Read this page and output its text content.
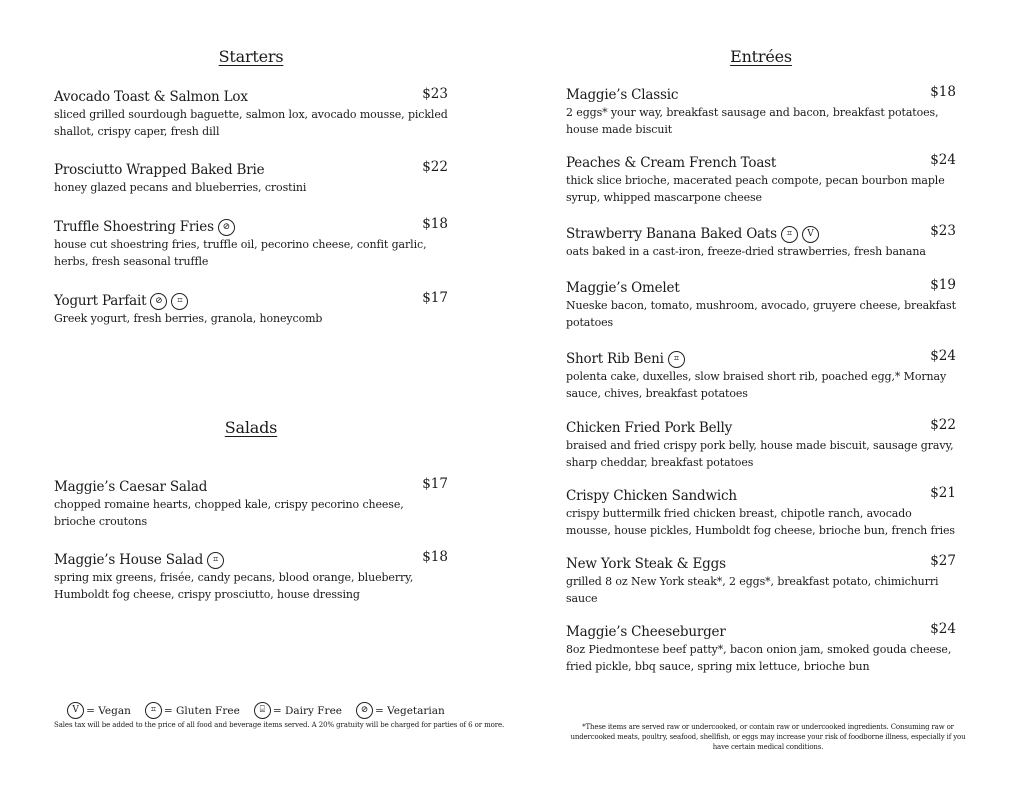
Starters
Avocado Toast & Salmon Lox	$23
sliced grilled sourdough baguette, salmon lox, avocado mousse, pickled shallot, crispy caper, fresh dill
Prosciutto Wrapped Baked Brie	$22
honey glazed pecans and blueberries, crostini
Truffle Shoestring Fries ⊘	$18
house cut shoestring fries, truffle oil, pecorino cheese, confit garlic, herbs, fresh seasonal truffle
Yogurt Parfait ⊘	⌗	$17
Greek yogurt, fresh berries, granola, honeycomb
Salads
Maggie’s Caesar Salad	$17
chopped romaine hearts, chopped kale, crispy pecorino cheese, brioche croutons
Maggie’s House Salad	⌗	$18
spring mix greens, frisée, candy pecans, blood orange, blueberry, Humboldt fog cheese, crispy prosciutto, house dressing
Entrées
Maggie’s Classic	$18
2 eggs* your way, breakfast sausage and bacon, breakfast potatoes, house made biscuit
Peaches & Cream French Toast	$24
thick slice brioche, macerated peach compote, pecan bourbon maple syrup, whipped mascarpone cheese
Strawberry Banana Baked Oats	⌗	V	$23
oats baked in a cast-iron, freeze-dried strawberries, fresh banana
Maggie’s Omelet	$19
Nueske bacon, tomato, mushroom, avocado, gruyere cheese, breakfast potatoes
Short Rib Beni	⌗	$24
polenta cake, duxelles, slow braised short rib, poached egg,* Mornay sauce, chives, breakfast potatoes
Chicken Fried Pork Belly	$22
braised and fried crispy pork belly, house made biscuit, sausage gravy, sharp cheddar, breakfast potatoes
Crispy Chicken Sandwich	$21
crispy buttermilk fried chicken breast, chipotle ranch, avocado mousse, house pickles, Humboldt fog cheese, brioche bun, french fries
New York Steak & Eggs	$27
grilled 8 oz New York steak*, 2 eggs*, breakfast potato, chimichurri sauce
Maggie’s Cheeseburger	$24
8oz Piedmontese beef patty*, bacon onion jam, smoked gouda cheese, fried pickle, bbq sauce, spring mix lettuce, brioche bun
V = Vegan	⌗ = Gluten Free	⌸ = Dairy Free	⊘ = Vegetarian
Sales tax will be added to the price of all food and beverage items served. A 20% gratuity will be charged for parties of 6 or more.	*These items are served raw or undercooked, or contain raw or undercooked ingredients. Consuming raw or undercooked meats, poultry, seafood, shellfish, or eggs may increase your risk of foodborne illness, especially if you have certain medical conditions.
